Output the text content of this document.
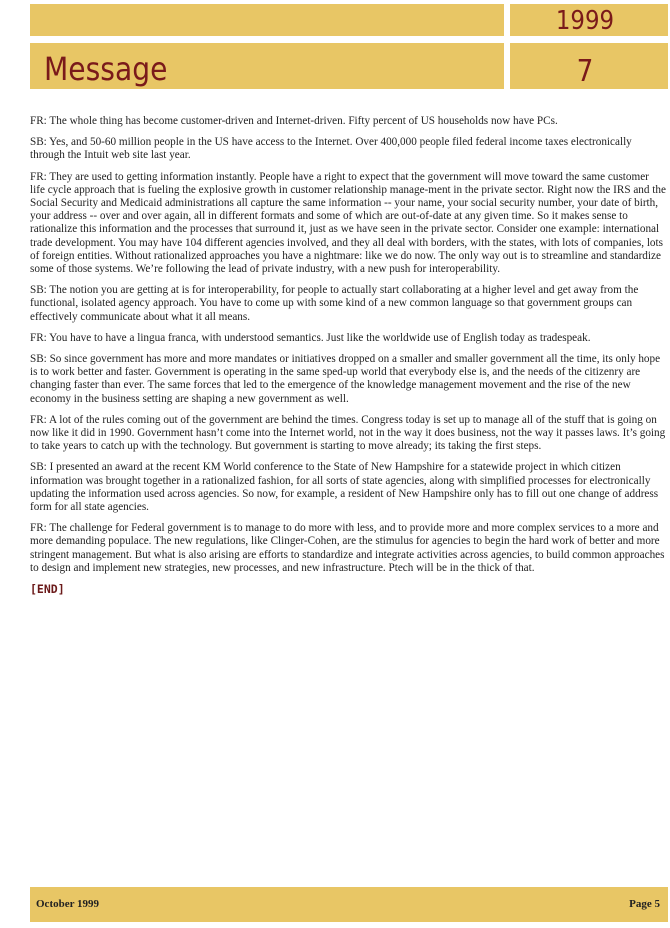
Message
1999
7

FR: The whole thing has become customer-driven and Internet-driven. Fifty percent of US households now have PCs.

SB: Yes, and 50-60 million people in the US have access to the Internet. Over 400,000 people filed federal income taxes electronically through the Intuit web site last year.

FR: They are used to getting information instantly. People have a right to expect that the government will move toward the same customer life cycle approach that is fueling the explosive growth in customer relationship manage-ment in the private sector. Right now the IRS and the Social Security and Medicaid administrations all capture the same information -- your name, your social security number, your date of birth, your address -- over and over again, all in different formats and some of which are out-of-date at any given time. So it makes sense to rationalize this information and the processes that surround it, just as we have seen in the private sector. Consider one example: international trade development. You may have 104 different agencies involved, and they all deal with borders, with the states, with lots of companies, lots of foreign entities. Without rationalized approaches you have a nightmare: like we do now. The only way out is to streamline and standardize some of those systems. We’re following the lead of private industry, with a new push for interoperability.

SB: The notion you are getting at is for interoperability, for people to actually start collaborating at a higher level and get away from the functional, isolated agency approach. You have to come up with some kind of a new common language so that government groups can effectively communicate about what it all means.

FR: You have to have a lingua franca, with understood semantics. Just like the worldwide use of English today as tradespeak.

SB: So since government has more and more mandates or initiatives dropped on a smaller and smaller government all the time, its only hope is to work better and faster. Government is operating in the same sped-up world that everybody else is, and the needs of the citizenry are changing faster than ever. The same forces that led to the emergence of the knowledge management movement and the rise of the new economy in the business setting are shaping a new government as well.

FR: A lot of the rules coming out of the government are behind the times. Congress today is set up to manage all of the stuff that is going on now like it did in 1990. Government hasn’t come into the Internet world, not in the way it does business, not the way it passes laws. It’s going to take years to catch up with the technology. But government is starting to move already; its taking the first steps.

SB: I presented an award at the recent KM World conference to the State of New Hampshire for a statewide project in which citizen information was brought together in a rationalized fashion, for all sorts of state agencies, along with simplified processes for electronically updating the information used across agencies. So now, for example, a resident of New Hampshire only has to fill out one change of address form for all state agencies.

FR: The challenge for Federal government is to manage to do more with less, and to provide more and more complex services to a more and more demanding populace. The new regulations, like Clinger-Cohen, are the stimulus for agencies to begin the hard work of better and more stringent management. But what is also arising are efforts to standardize and integrate activities across agencies, to build common approaches to design and implement new strategies, new processes, and new infrastructure. Ptech will be in the thick of that.

[END]
October 1999	Page 5
